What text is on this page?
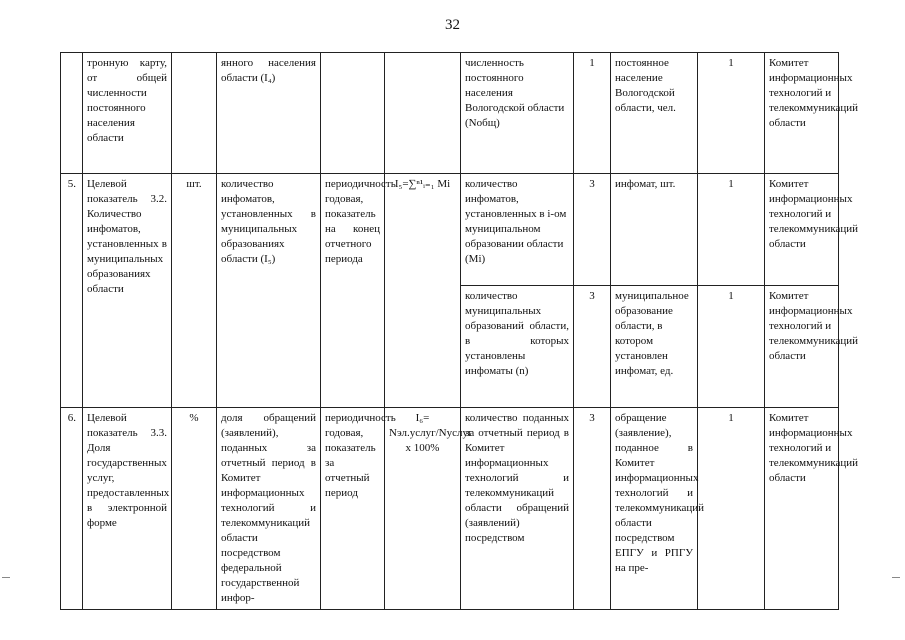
32
	тронную карту, от общей численности постоянного населения области		янного населения области (I₄)			численность постоянного населения Вологодской области (Nобщ)	1	постоянное население Вологодской области, чел.	1	Комитет информационных технологий и телекоммуникаций области
5.	Целевой показатель 3.2. Количество инфоматов, установленных в муниципальных образованиях области	шт.	количество инфоматов, установленных в муниципальных образованиях области (I₅)	периодичность годовая, показатель на конец отчетного периода	I₅=∑ⁿ¹ᵢ₌₁ Mi	количество инфоматов, установленных в i-ом муниципальном образовании области (Mi)	3	инфомат, шт.	1	Комитет информационных технологий и телекоммуникаций области
						количество муниципальных образований области, в которых установлены инфоматы (n)	3	муниципальное образование области, в котором установлен инфомат, ед.	1	Комитет информационных технологий и телекоммуникаций области
6.	Целевой показатель 3.3. Доля государственных услуг, предоставленных в электронной форме	%	доля обращений (заявлений), поданных за отчетный период в Комитет информационных технологий и телекоммуникаций области посредством федеральной государственной инфор-	периодичность годовая, показатель за отчетный период	I₆= Nэл.услуг/Nуслуг x 100%	количество поданных за отчетный период в Комитет информационных технологий и телекоммуникаций области обращений (заявлений) посредством	3	обращение (заявление), поданное в Комитет информационных технологий и телекоммуникаций области посредством ЕПГУ и РПГУ на пре-	1	Комитет информационных технологий и телекоммуникаций области
